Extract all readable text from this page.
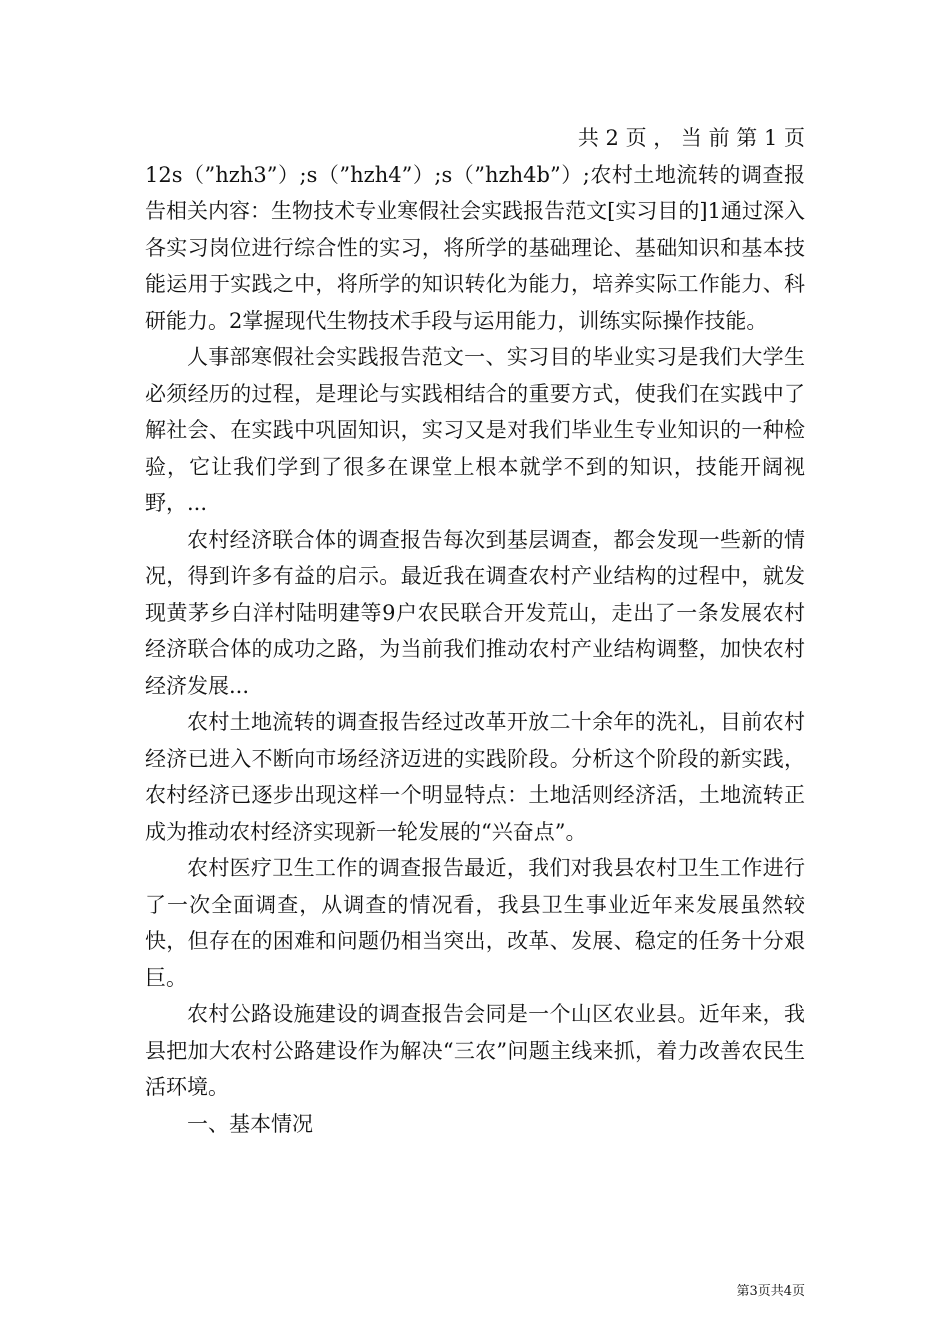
共 2 页 ， 当 前 第 1 页

12s（”hzh3”）;s（”hzh4”）;s（”hzh4b”）;农村土地流转的调查报告相关内容：生物技术专业寒假社会实践报告范文[实习目的]1通过深入各实习岗位进行综合性的实习，将所学的基础理论、基础知识和基本技能运用于实践之中，将所学的知识转化为能力，培养实际工作能力、科研能力。2掌握现代生物技术手段与运用能力，训练实际操作技能。

人事部寒假社会实践报告范文一、实习目的毕业实习是我们大学生必须经历的过程，是理论与实践相结合的重要方式，使我们在实践中了解社会、在实践中巩固知识，实习又是对我们毕业生专业知识的一种检验，它让我们学到了很多在课堂上根本就学不到的知识，技能开阔视野，...

农村经济联合体的调查报告每次到基层调查，都会发现一些新的情况，得到许多有益的启示。最近我在调查农村产业结构的过程中，就发现黄茅乡白洋村陆明建等9户农民联合开发荒山，走出了一条发展农村经济联合体的成功之路，为当前我们推动农村产业结构调整，加快农村经济发展...

农村土地流转的调查报告经过改革开放二十余年的洗礼，目前农村经济已进入不断向市场经济迈进的实践阶段。分析这个阶段的新实践，农村经济已逐步出现这样一个明显特点：土地活则经济活，土地流转正成为推动农村经济实现新一轮发展的“兴奋点”。

农村医疗卫生工作的调查报告最近，我们对我县农村卫生工作进行了一次全面调查，从调查的情况看，我县卫生事业近年来发展虽然较快，但存在的困难和问题仍相当突出，改革、发展、稳定的任务十分艰巨。

农村公路设施建设的调查报告会同是一个山区农业县。近年来，我县把加大农村公路建设作为解决“三农”问题主线来抓，着力改善农民生活环境。

一、基本情况

第3页共4页
